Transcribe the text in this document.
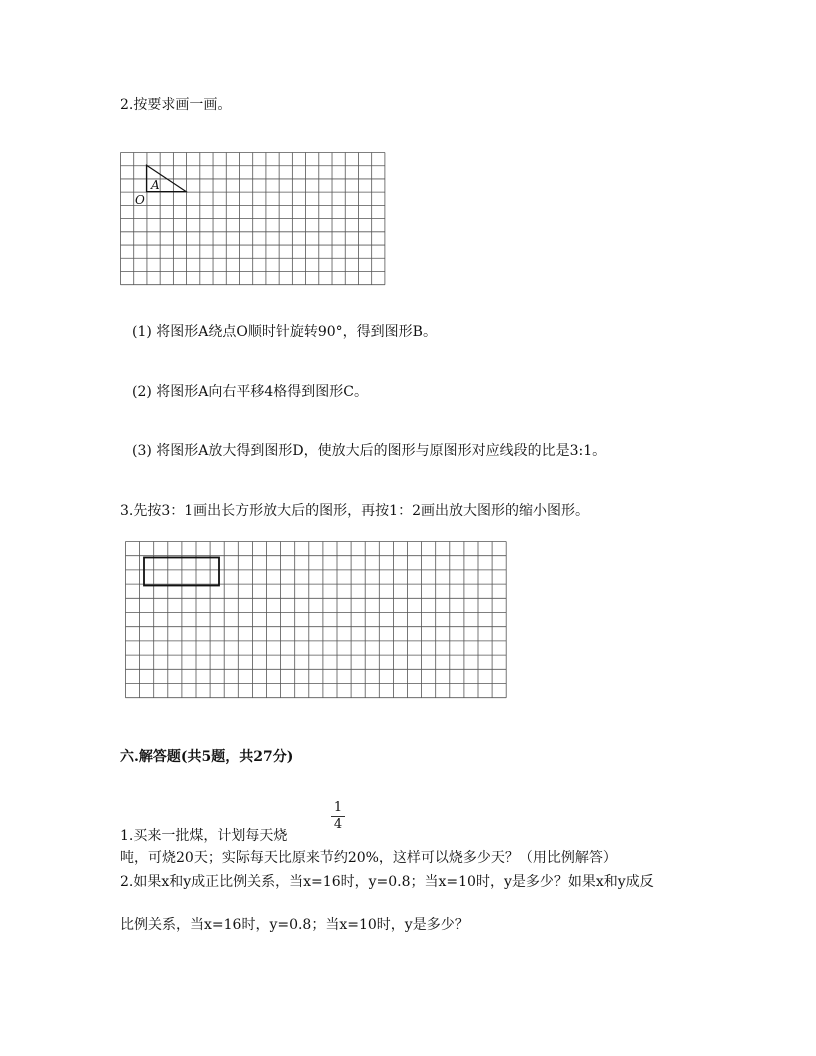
2.按要求画一画。
A
O
(1) 将图形A绕点O顺时针旋转90°，得到图形B。
(2) 将图形A向右平移4格得到图形C。
(3) 将图形A放大得到图形D，使放大后的图形与原图形对应线段的比是3:1。
3.先按3：1画出长方形放大后的图形，再按1：2画出放大图形的缩小图形。
六.解答题(共5题，共27分)
1.买来一批煤，计划每天烧
1
4
吨，可烧20天；实际每天比原来节约20%，这样可以烧多少天？（用比例解答）
2.如果x和y成正比例关系，当x=16时，y=0.8；当x=10时，y是多少？如果x和y成反
比例关系，当x=16时，y=0.8；当x=10时，y是多少？
